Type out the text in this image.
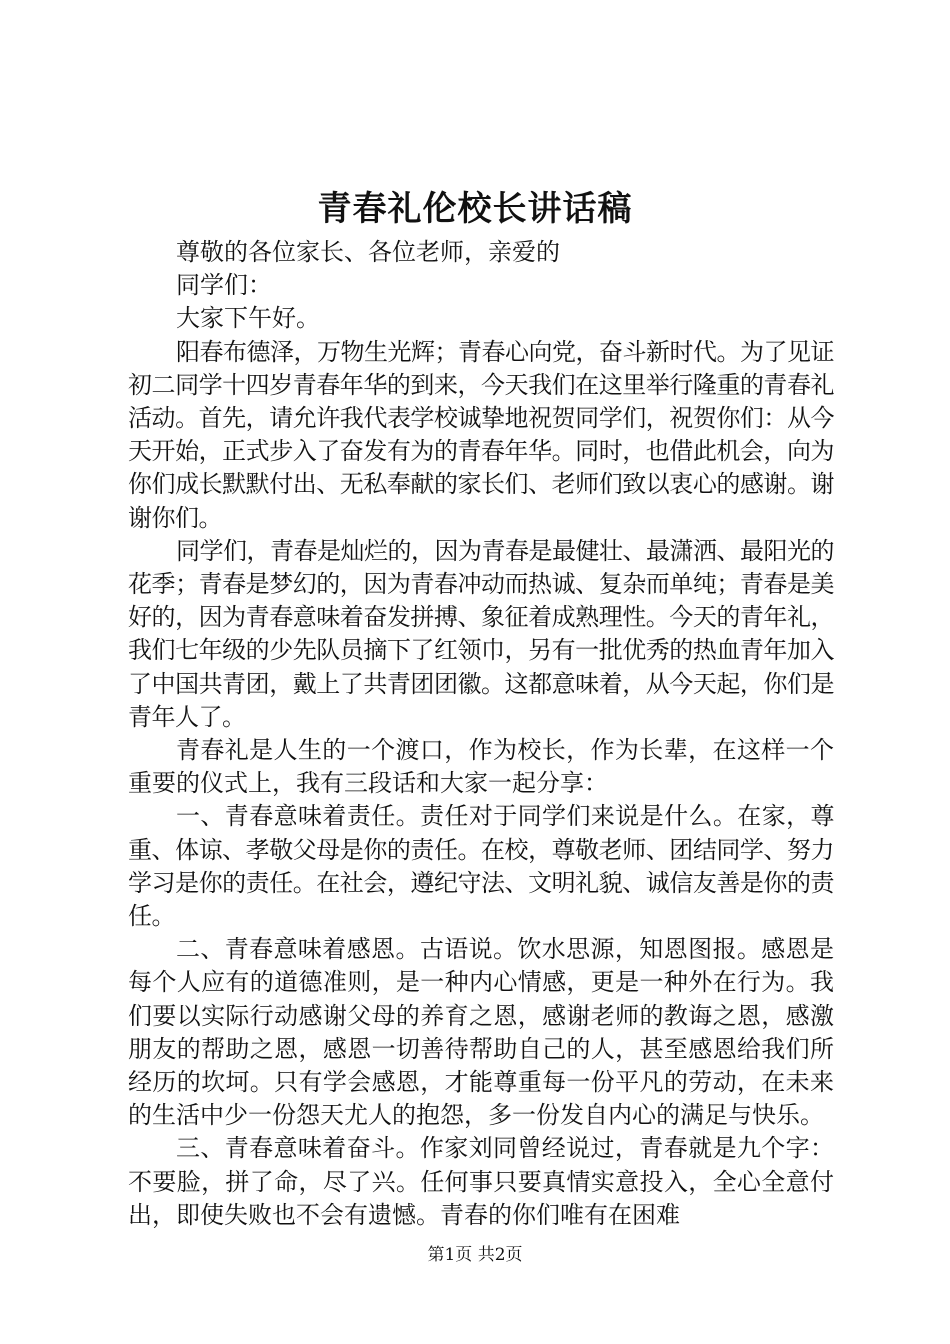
青春礼伦校长讲话稿

尊敬的各位家长、各位老师，亲爱的

同学们：

大家下午好。

阳春布德泽，万物生光辉；青春心向党，奋斗新时代。为了见证初二同学十四岁青春年华的到来，今天我们在这里举行隆重的青春礼活动。首先，请允许我代表学校诚挚地祝贺同学们，祝贺你们：从今天开始，正式步入了奋发有为的青春年华。同时，也借此机会，向为你们成长默默付出、无私奉献的家长们、老师们致以衷心的感谢。谢谢你们。

同学们，青春是灿烂的，因为青春是最健壮、最潇洒、最阳光的花季；青春是梦幻的，因为青春冲动而热诚、复杂而单纯；青春是美好的，因为青春意味着奋发拼搏、象征着成熟理性。今天的青年礼，我们七年级的少先队员摘下了红领巾，另有一批优秀的热血青年加入了中国共青团，戴上了共青团团徽。这都意味着，从今天起，你们是青年人了。

青春礼是人生的一个渡口，作为校长，作为长辈，在这样一个重要的仪式上，我有三段话和大家一起分享：

一、青春意味着责任。责任对于同学们来说是什么。在家，尊重、体谅、孝敬父母是你的责任。在校，尊敬老师、团结同学、努力学习是你的责任。在社会，遵纪守法、文明礼貌、诚信友善是你的责任。

二、青春意味着感恩。古语说。饮水思源，知恩图报。感恩是每个人应有的道德准则，是一种内心情感，更是一种外在行为。我们要以实际行动感谢父母的养育之恩，感谢老师的教诲之恩，感激朋友的帮助之恩，感恩一切善待帮助自己的人，甚至感恩给我们所经历的坎坷。只有学会感恩，才能尊重每一份平凡的劳动，在未来的生活中少一份怨天尤人的抱怨，多一份发自内心的满足与快乐。

三、青春意味着奋斗。作家刘同曾经说过，青春就是九个字：不要脸，拼了命，尽了兴。任何事只要真情实意投入，全心全意付出，即使失败也不会有遗憾。青春的你们唯有在困难

第1页 共2页
